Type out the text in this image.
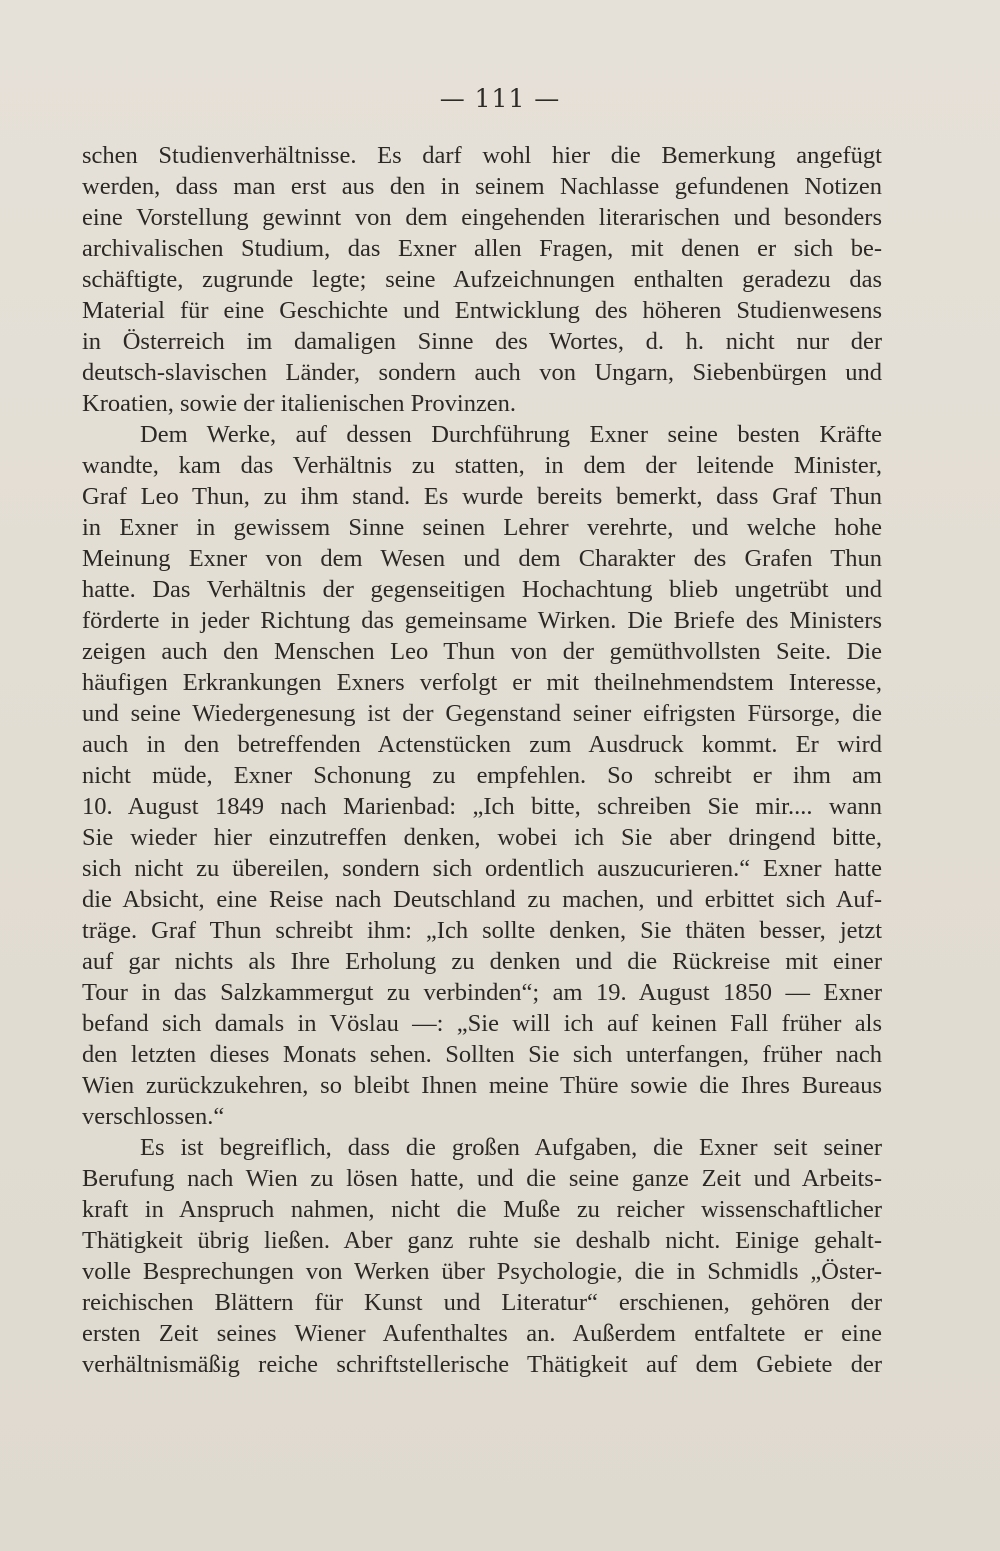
— 111 —
schen Studienverhältnisse. Es darf wohl hier die Bemerkung angefügt
werden, dass man erst aus den in seinem Nachlasse gefundenen Notizen
eine Vorstellung gewinnt von dem eingehenden literarischen und besonders
archivalischen Studium, das Exner allen Fragen, mit denen er sich be-
schäftigte, zugrunde legte; seine Aufzeichnungen enthalten geradezu das
Material für eine Geschichte und Entwicklung des höheren Studienwesens
in Österreich im damaligen Sinne des Wortes, d. h. nicht nur der
deutsch-slavischen Länder, sondern auch von Ungarn, Siebenbürgen und
Kroatien, sowie der italienischen Provinzen.
Dem Werke, auf dessen Durchführung Exner seine besten Kräfte
wandte, kam das Verhältnis zu statten, in dem der leitende Minister,
Graf Leo Thun, zu ihm stand. Es wurde bereits bemerkt, dass Graf Thun
in Exner in gewissem Sinne seinen Lehrer verehrte, und welche hohe
Meinung Exner von dem Wesen und dem Charakter des Grafen Thun
hatte. Das Verhältnis der gegenseitigen Hochachtung blieb ungetrübt und
förderte in jeder Richtung das gemeinsame Wirken. Die Briefe des Ministers
zeigen auch den Menschen Leo Thun von der gemüthvollsten Seite. Die
häufigen Erkrankungen Exners verfolgt er mit theilnehmendstem Interesse,
und seine Wiedergenesung ist der Gegenstand seiner eifrigsten Fürsorge, die
auch in den betreffenden Actenstücken zum Ausdruck kommt. Er wird
nicht müde, Exner Schonung zu empfehlen. So schreibt er ihm am
10. August 1849 nach Marienbad: „Ich bitte, schreiben Sie mir.... wann
Sie wieder hier einzutreffen denken, wobei ich Sie aber dringend bitte,
sich nicht zu übereilen, sondern sich ordentlich auszucurieren.“ Exner hatte
die Absicht, eine Reise nach Deutschland zu machen, und erbittet sich Auf-
träge. Graf Thun schreibt ihm: „Ich sollte denken, Sie thäten besser, jetzt
auf gar nichts als Ihre Erholung zu denken und die Rückreise mit einer
Tour in das Salzkammergut zu verbinden“; am 19. August 1850 — Exner
befand sich damals in Vöslau —: „Sie will ich auf keinen Fall früher als
den letzten dieses Monats sehen. Sollten Sie sich unterfangen, früher nach
Wien zurückzukehren, so bleibt Ihnen meine Thüre sowie die Ihres Bureaus
verschlossen.“
Es ist begreiflich, dass die großen Aufgaben, die Exner seit seiner
Berufung nach Wien zu lösen hatte, und die seine ganze Zeit und Arbeits-
kraft in Anspruch nahmen, nicht die Muße zu reicher wissenschaftlicher
Thätigkeit übrig ließen. Aber ganz ruhte sie deshalb nicht. Einige gehalt-
volle Besprechungen von Werken über Psychologie, die in Schmidls „Öster-
reichischen Blättern für Kunst und Literatur“ erschienen, gehören der
ersten Zeit seines Wiener Aufenthaltes an. Außerdem entfaltete er eine
verhältnismäßig reiche schriftstellerische Thätigkeit auf dem Gebiete der
